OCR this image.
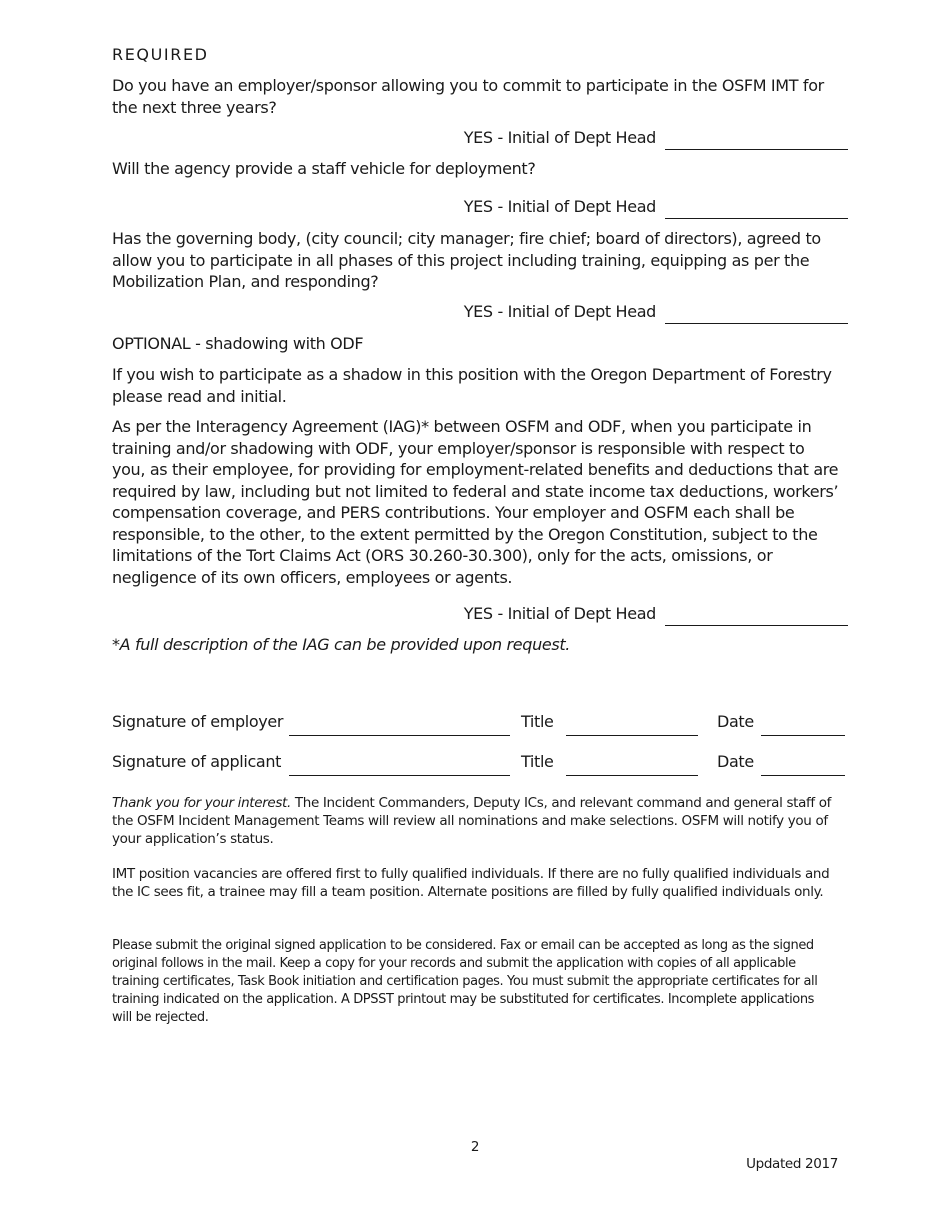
REQUIRED
Do you have an employer/sponsor allowing you to commit to participate in the OSFM IMT for the next three years?
YES - Initial of Dept Head
Will the agency provide a staff vehicle for deployment?
YES - Initial of Dept Head
Has the governing body, (city council; city manager; fire chief; board of directors), agreed to allow you to participate in all phases of this project including training, equipping as per the Mobilization Plan, and responding?
YES - Initial of Dept Head
OPTIONAL - shadowing with ODF
If you wish to participate as a shadow in this position with the Oregon Department of Forestry please read and initial.
As per the Interagency Agreement (IAG)* between OSFM and ODF, when you participate in training and/or shadowing with ODF, your employer/sponsor is responsible with respect to you, as their employee, for providing for employment-related benefits and deductions that are required by law, including but not limited to federal and state income tax deductions, workers’ compensation coverage, and PERS contributions. Your employer and OSFM each shall be responsible, to the other, to the extent permitted by the Oregon Constitution, subject to the limitations of the Tort Claims Act (ORS 30.260-30.300), only for the acts, omissions, or negligence of its own officers, employees or agents.
YES - Initial of Dept Head
*A full description of the IAG can be provided upon request.
Signature of employer	Title	Date
Signature of applicant	Title	Date
Thank you for your interest. The Incident Commanders, Deputy ICs, and relevant command and general staff of the OSFM Incident Management Teams will review all nominations and make selections. OSFM will notify you of your application’s status.
IMT position vacancies are offered first to fully qualified individuals. If there are no fully qualified individuals and the IC sees fit, a trainee may fill a team position. Alternate positions are filled by fully qualified individuals only.
Please submit the original signed application to be considered. Fax or email can be accepted as long as the signed original follows in the mail. Keep a copy for your records and submit the application with copies of all applicable training certificates, Task Book initiation and certification pages. You must submit the appropriate certificates for all training indicated on the application. A DPSST printout may be substituted for certificates. Incomplete applications will be rejected.
2
Updated 2017
